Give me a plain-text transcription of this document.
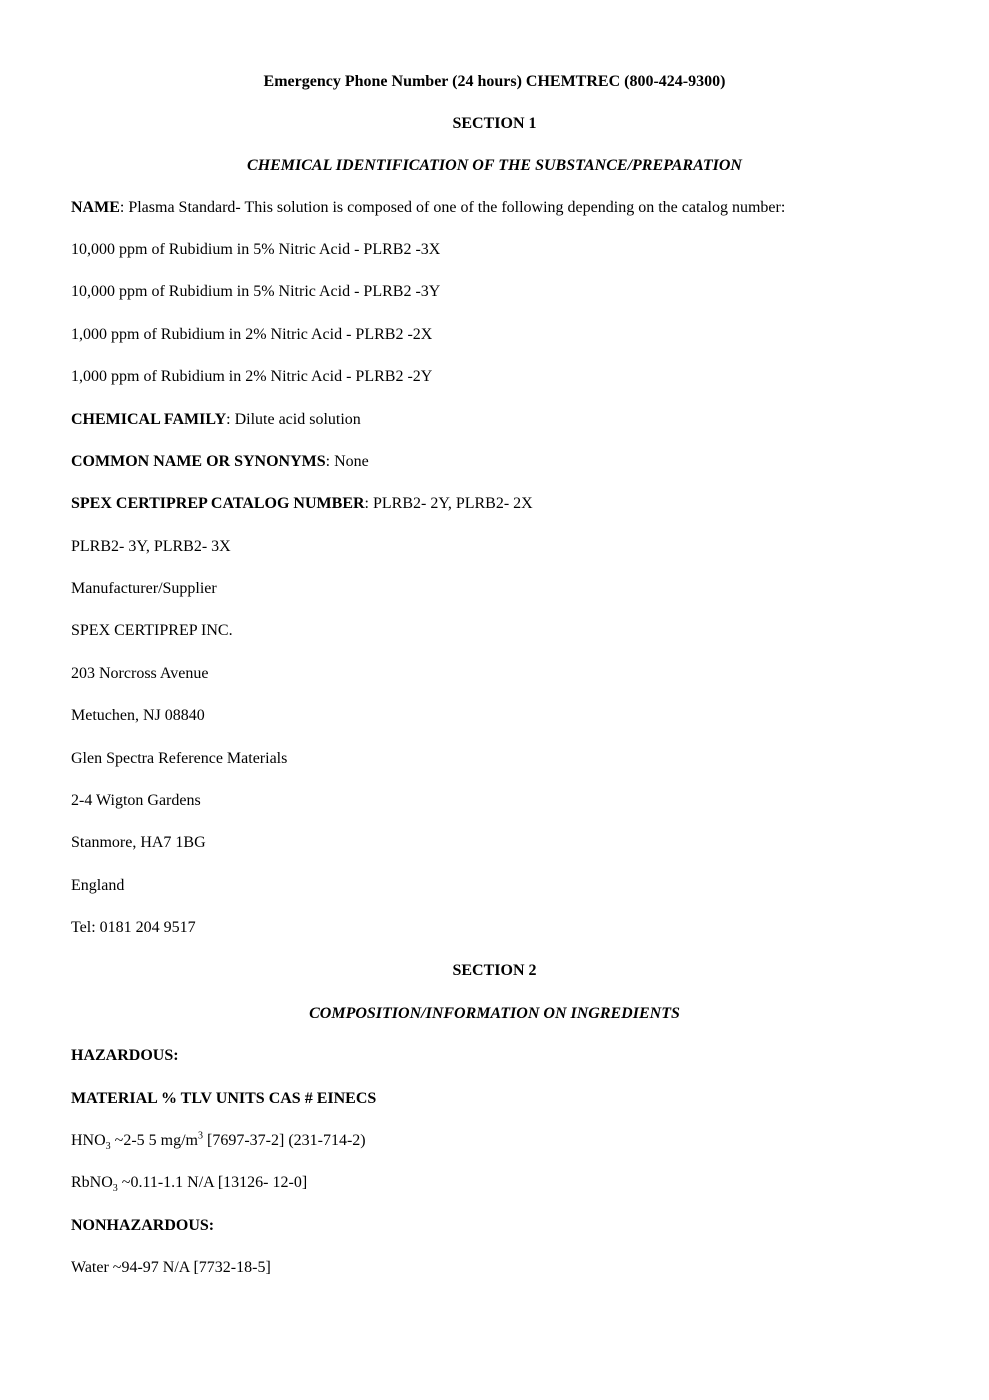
Emergency Phone Number (24 hours) CHEMTREC (800-424-9300)
SECTION 1
CHEMICAL IDENTIFICATION OF THE SUBSTANCE/PREPARATION
NAME: Plasma Standard- This solution is composed of one of the following depending on the catalog number:
10,000 ppm of Rubidium in 5% Nitric Acid - PLRB2 -3X
10,000 ppm of Rubidium in 5% Nitric Acid - PLRB2 -3Y
1,000 ppm of Rubidium in 2% Nitric Acid - PLRB2 -2X
1,000 ppm of Rubidium in 2% Nitric Acid - PLRB2 -2Y
CHEMICAL FAMILY: Dilute acid solution
COMMON NAME OR SYNONYMS: None
SPEX CERTIPREP CATALOG NUMBER: PLRB2- 2Y, PLRB2- 2X
PLRB2- 3Y, PLRB2- 3X
Manufacturer/Supplier
SPEX CERTIPREP INC.
203 Norcross Avenue
Metuchen, NJ 08840
Glen Spectra Reference Materials
2-4 Wigton Gardens
Stanmore, HA7 1BG
England
Tel: 0181 204 9517
SECTION 2
COMPOSITION/INFORMATION ON INGREDIENTS
HAZARDOUS:
MATERIAL % TLV UNITS CAS # EINECS
$HNO_3$ ~2-5 5 $mg/m^3$ [7697-37-2] (231-714-2)
RbNO$_3$ ~0.11-1.1 N/A [13126- 12-0]
NONHAZARDOUS:
Water ~94-97 N/A [7732-18-5]
